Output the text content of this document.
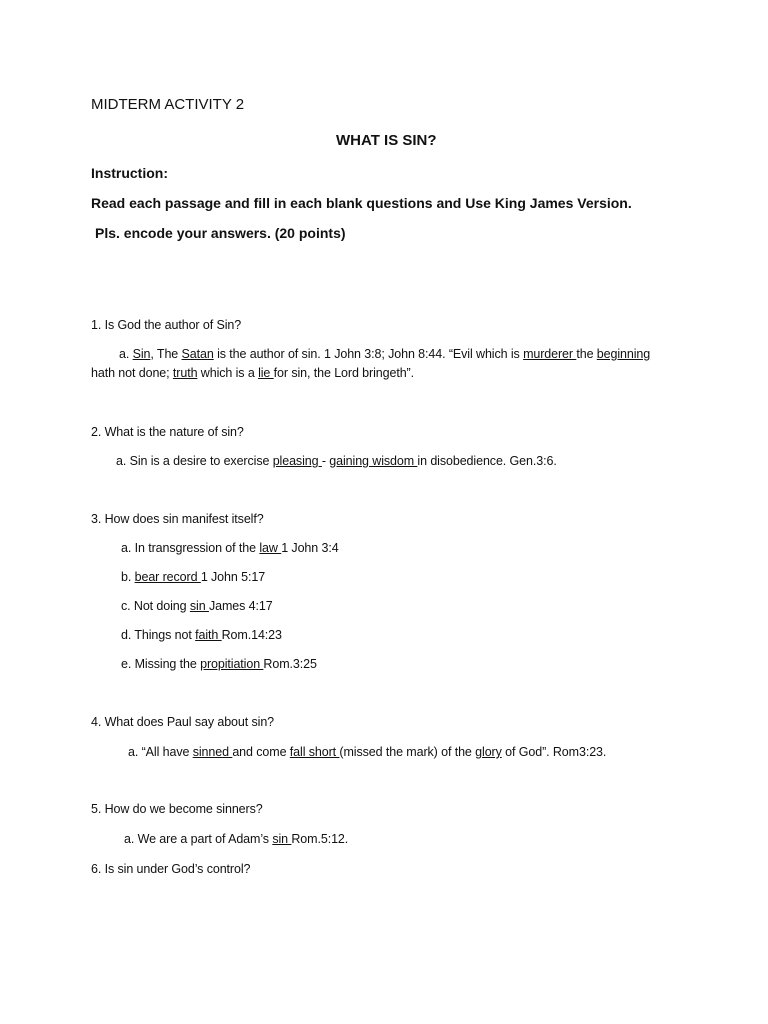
MIDTERM ACTIVITY 2
WHAT IS SIN?
Instruction:
Read each passage and fill in each blank questions and Use King James Version.
Pls. encode your answers. (20 points)
1. Is God the author of Sin?
a. Sin, The Satan is the author of sin. 1 John 3:8; John 8:44. “Evil which is murderer the beginning
hath not done; truth which is a lie for sin, the Lord bringeth”.
2. What is the nature of sin?
a. Sin is a desire to exercise pleasing - gaining wisdom in disobedience. Gen.3:6.
3. How does sin manifest itself?
a. In transgression of the law 1 John 3:4
b. bear record 1 John 5:17
c. Not doing sin James 4:17
d. Things not faith Rom.14:23
e. Missing the propitiation Rom.3:25
4. What does Paul say about sin?
a. “All have sinned and come fall short (missed the mark) of the glory of God”. Rom3:23.
5. How do we become sinners?
a. We are a part of Adam’s sin Rom.5:12.
6. Is sin under God’s control?
